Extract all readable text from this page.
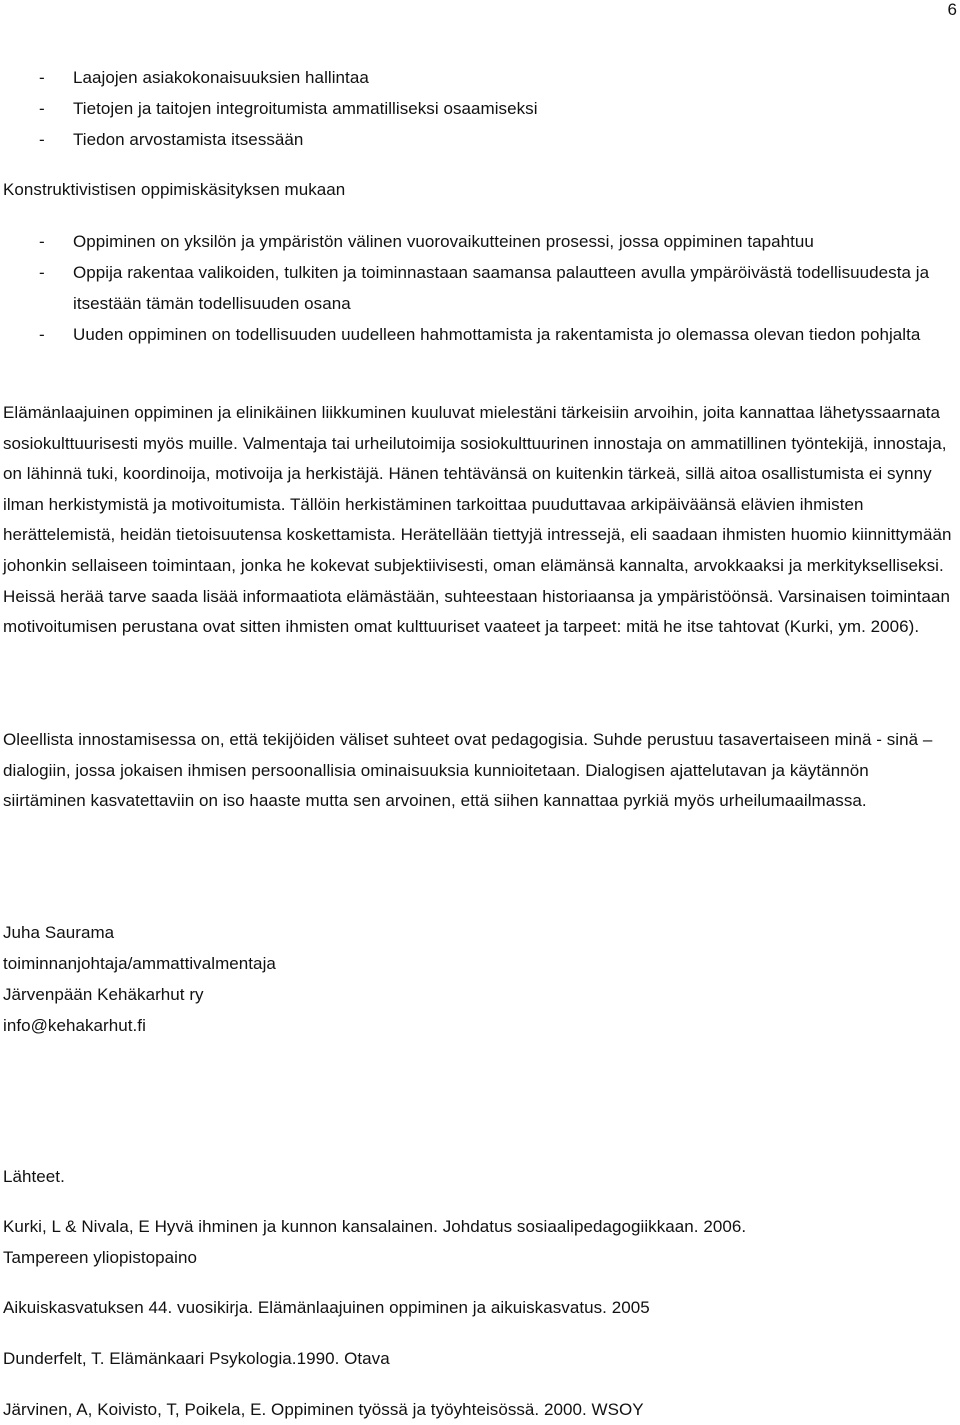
6
- Laajojen asiakokonaisuuksien hallintaa
- Tietojen ja taitojen integroitumista ammatilliseksi osaamiseksi
- Tiedon arvostamista itsessään
Konstruktivistisen oppimiskäsityksen mukaan
- Oppiminen on yksilön ja ympäristön välinen vuorovaikutteinen prosessi, jossa oppiminen tapahtuu
- Oppija rakentaa valikoiden, tulkiten ja toiminnastaan saamansa palautteen avulla ympäröivästä todellisuudesta ja itsestään tämän todellisuuden osana
- Uuden oppiminen on todellisuuden uudelleen hahmottamista ja rakentamista jo olemassa olevan tiedon pohjalta

Elämänlaajuinen oppiminen ja elinikäinen liikkuminen kuuluvat mielestäni tärkeisiin arvoihin, joita kannattaa lähetyssaarnata sosiokulttuurisesti myös muille. Valmentaja tai urheilutoimija sosiokulttuurinen innostaja on ammatillinen työntekijä, innostaja, on lähinnä tuki, koordinoija, motivoija ja herkistäjä. Hänen tehtävänsä on kuitenkin tärkeä, sillä aitoa osallistumista ei synny ilman herkistymistä ja motivoitumista. Tällöin herkistäminen tarkoittaa puuduttavaa arkipäiväänsä elävien ihmisten herättelemistä, heidän tietoisuutensa koskettamista. Herätellään tiettyjä intressejä, eli saadaan ihmisten huomio kiinnittymään johonkin sellaiseen toimintaan, jonka he kokevat subjektiivisesti, oman elämänsä kannalta, arvokkaaksi ja merkitykselliseksi. Heissä herää tarve saada lisää informaatiota elämästään, suhteestaan historiaansa ja ympäristöönsä. Varsinaisen toimintaan motivoitumisen perustana ovat sitten ihmisten omat kulttuuriset vaateet ja tarpeet: mitä he itse tahtovat (Kurki, ym. 2006).

Oleellista innostamisessa on, että tekijöiden väliset suhteet ovat pedagogisia. Suhde perustuu tasavertaiseen minä - sinä – dialogiin, jossa jokaisen ihmisen persoonallisia ominaisuuksia kunnioitetaan. Dialogisen ajattelutavan ja käytännön siirtäminen kasvatettaviin on iso haaste mutta sen arvoinen, että siihen kannattaa pyrkiä myös urheilumaailmassa.

Juha Saurama
toiminnanjohtaja/ammattivalmentaja
Järvenpään Kehäkarhut ry
info@kehakarhut.fi
Lähteet.
Kurki, L & Nivala, E Hyvä ihminen ja kunnon kansalainen. Johdatus sosiaalipedagogiikkaan. 2006.
Tampereen yliopistopaino
Aikuiskasvatuksen 44. vuosikirja. Elämänlaajuinen oppiminen ja aikuiskasvatus. 2005
Dunderfelt, T. Elämänkaari Psykologia.1990. Otava
Järvinen, A, Koivisto, T, Poikela, E. Oppiminen työssä ja työyhteisössä. 2000. WSOY
